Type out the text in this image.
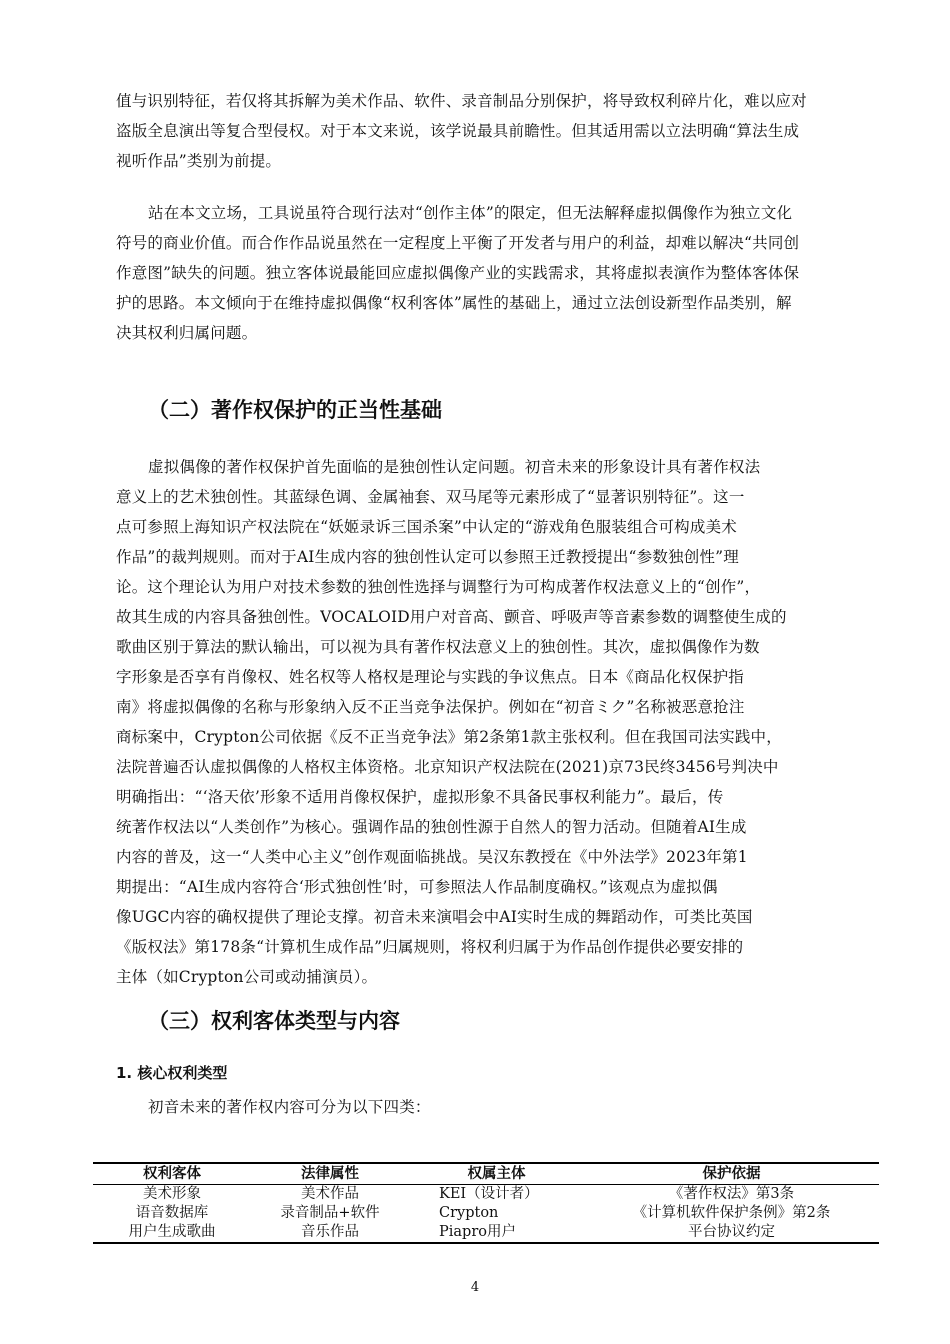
值与识别特征，若仅将其拆解为美术作品、软件、录音制品分别保护，将导致权利碎片化，难以应对
盗版全息演出等复合型侵权。对于本文来说，该学说最具前瞻性。但其适用需以立法明确“算法生成
视听作品”类别为前提。
站在本文立场，工具说虽符合现行法对“创作主体”的限定，但无法解释虚拟偶像作为独立文化
符号的商业价值。而合作作品说虽然在一定程度上平衡了开发者与用户的利益，却难以解决“共同创
作意图”缺失的问题。独立客体说最能回应虚拟偶像产业的实践需求，其将虚拟表演作为整体客体保
护的思路。本文倾向于在维持虚拟偶像“权利客体”属性的基础上，通过立法创设新型作品类别，解
决其权利归属问题。
（二）著作权保护的正当性基础
虚拟偶像的著作权保护首先面临的是独创性认定问题。初音未来的形象设计具有著作权法
意义上的艺术独创性。其蓝绿色调、金属袖套、双马尾等元素形成了“显著识别特征”。这一
点可参照上海知识产权法院在“妖姬录诉三国杀案”中认定的“游戏角色服装组合可构成美术
作品”的裁判规则。而对于AI生成内容的独创性认定可以参照王迁教授提出“参数独创性”理
论。这个理论认为用户对技术参数的独创性选择与调整行为可构成著作权法意义上的“创作”，
故其生成的内容具备独创性。VOCALOID用户对音高、颤音、呼吸声等音素参数的调整使生成的
歌曲区别于算法的默认输出，可以视为具有著作权法意义上的独创性。其次，虚拟偶像作为数
字形象是否享有肖像权、姓名权等人格权是理论与实践的争议焦点。日本《商品化权保护指
南》将虚拟偶像的名称与形象纳入反不正当竞争法保护。例如在“初音ミク”名称被恶意抢注
商标案中，Crypton公司依据《反不正当竞争法》第2条第1款主张权利。但在我国司法实践中，
法院普遍否认虚拟偶像的人格权主体资格。北京知识产权法院在(2021)京73民终3456号判决中
明确指出：“‘洛天依’形象不适用肖像权保护，虚拟形象不具备民事权利能力”。最后，传
统著作权法以“人类创作”为核心。强调作品的独创性源于自然人的智力活动。但随着AI生成
内容的普及，这一“人类中心主义”创作观面临挑战。吴汉东教授在《中外法学》2023年第1
期提出：“AI生成内容符合‘形式独创性’时，可参照法人作品制度确权。”该观点为虚拟偶
像UGC内容的确权提供了理论支撑。初音未来演唱会中AI实时生成的舞蹈动作，可类比英国
《版权法》第178条“计算机生成作品”归属规则，将权利归属于为作品创作提供必要安排的
主体（如Crypton公司或动捕演员）。
（三）权利客体类型与内容
1. 核心权利类型

初音未来的著作权内容可分为以下四类：

权利客体	法律属性	权属主体	保护依据
美术形象	美术作品	KEI（设计者）	《著作权法》第3条
语音数据库	录音制品+软件	Crypton	《计算机软件保护条例》第2条
用户生成歌曲	音乐作品	Piapro用户	平台协议约定
4
